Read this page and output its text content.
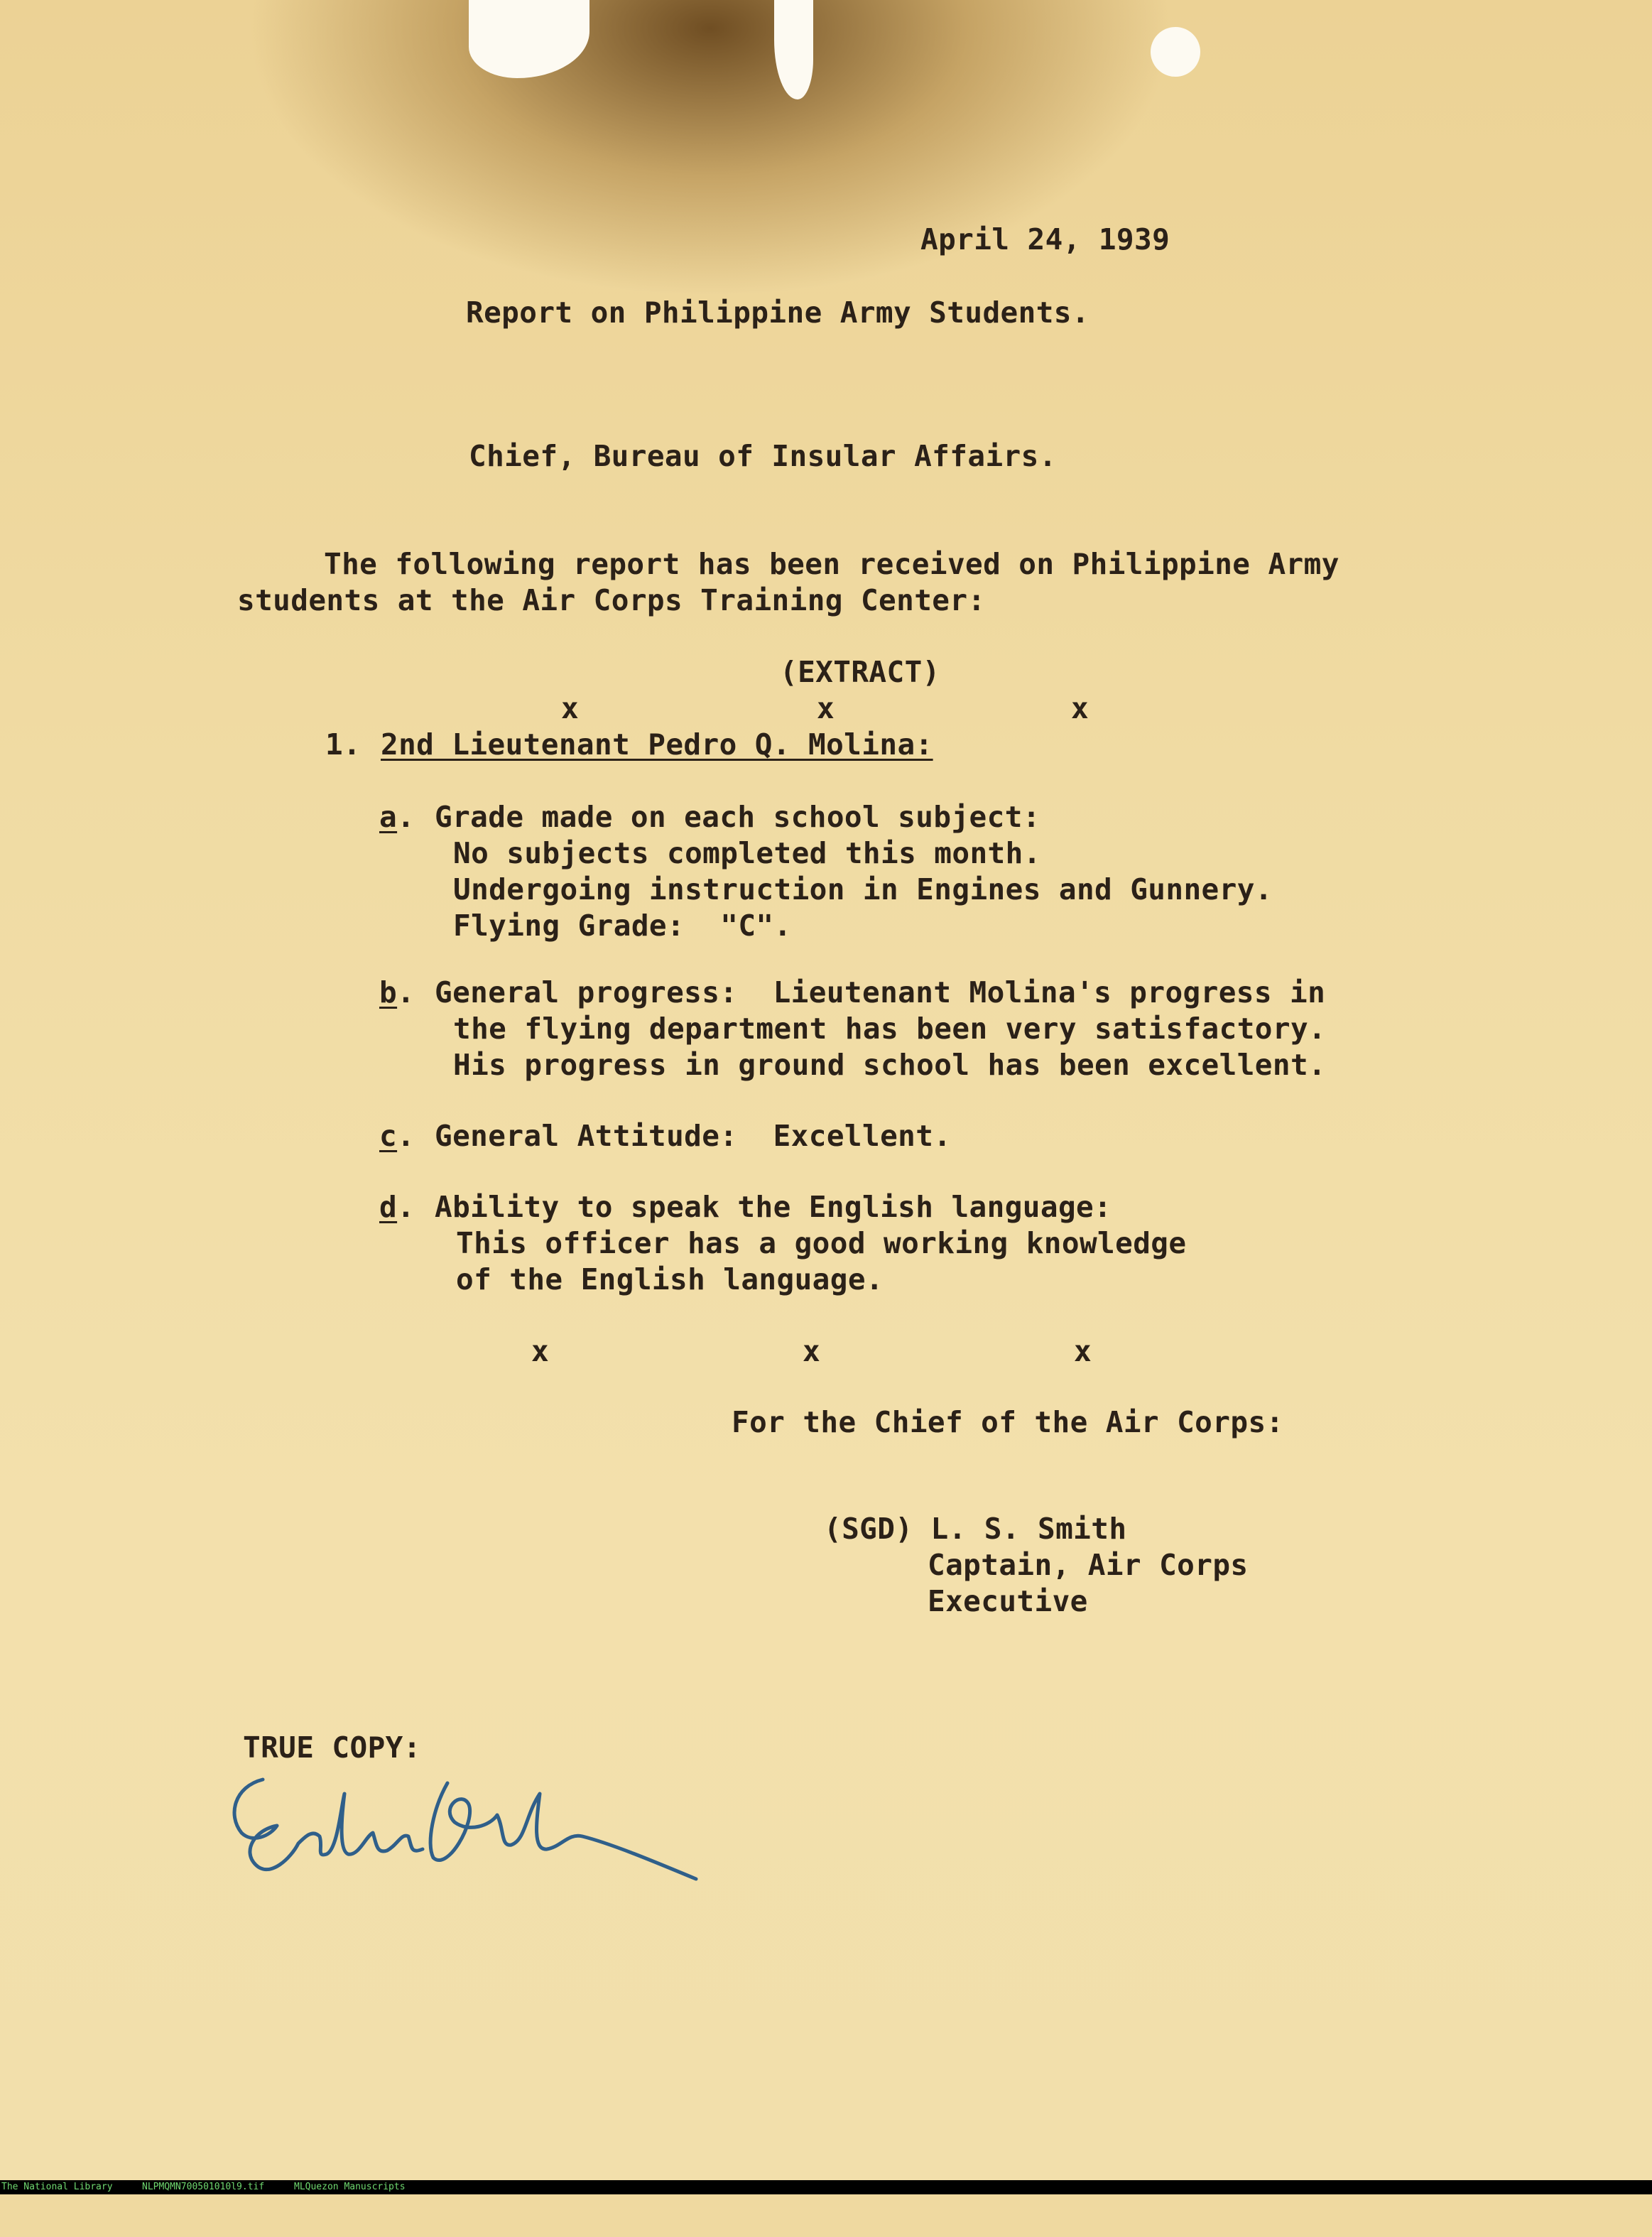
April 24, 1939
Report on Philippine Army Students.
Chief, Bureau of Insular Affairs.
The following report has been received on Philippine Army
students at the Air Corps Training Center:
(EXTRACT)
x	x	x
1. 2nd Lieutenant Pedro Q. Molina:
a . Grade made on each school subject:
No subjects completed this month.
Undergoing instruction in Engines and Gunnery.
Flying Grade:  "C".
b . General progress:  Lieutenant Molina's progress in
the flying department has been very satisfactory.
His progress in ground school has been excellent.
c . General Attitude:  Excellent.
d . Ability to speak the English language:
This officer has a good working knowledge
of the English language.
x	x	x
For the Chief of the Air Corps:
(SGD) L. S. Smith
Captain, Air Corps
Executive
TRUE COPY:

The National Library

	NLPMQMN700501010l9.tif

	MLQuezon Manuscripts
